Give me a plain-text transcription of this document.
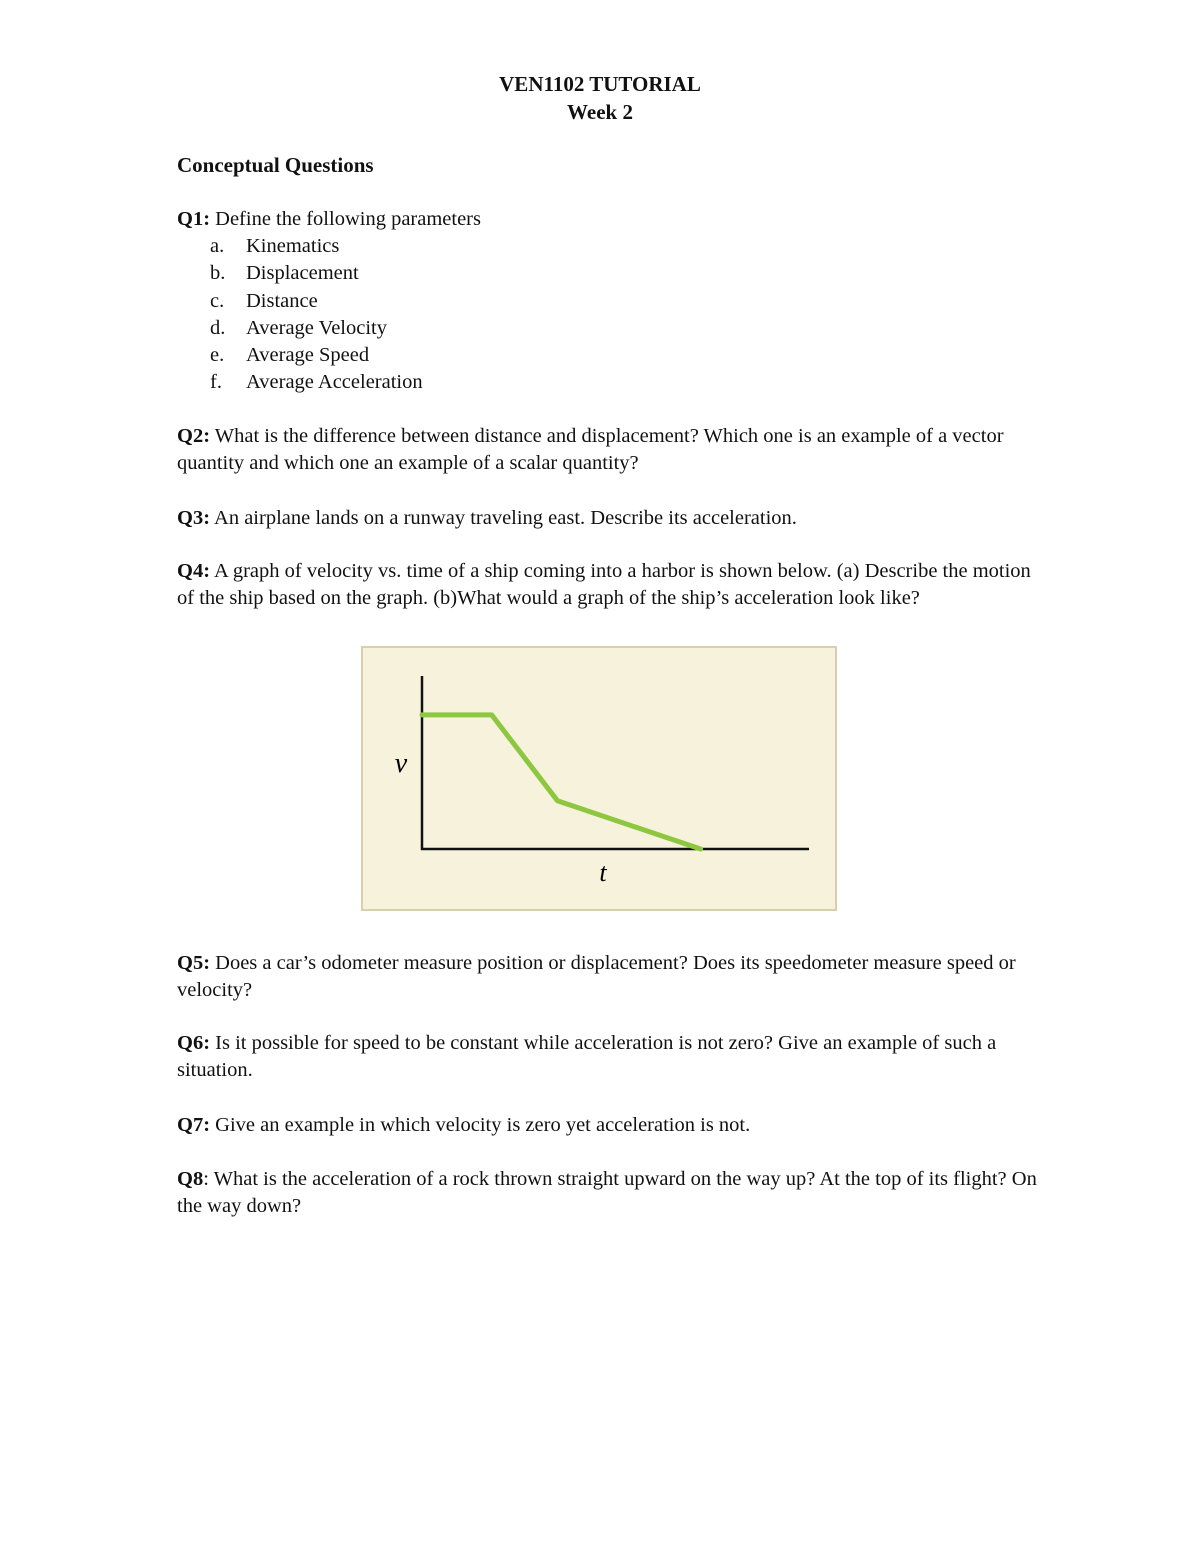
VEN1102 TUTORIAL
Week 2
Conceptual Questions
Q1: Define the following parameters
a. Kinematics
b. Displacement
c. Distance
d. Average Velocity
e. Average Speed
f. Average Acceleration
Q2: What is the difference between distance and displacement? Which one is an example of a vector quantity and which one an example of a scalar quantity?
Q3: An airplane lands on a runway traveling east. Describe its acceleration.
Q4: A graph of velocity vs. time of a ship coming into a harbor is shown below. (a) Describe the motion of the ship based on the graph. (b)What would a graph of the ship’s acceleration look like?
v
t
Q5: Does a car’s odometer measure position or displacement? Does its speedometer measure speed or velocity?
Q6: Is it possible for speed to be constant while acceleration is not zero? Give an example of such a situation.
Q7: Give an example in which velocity is zero yet acceleration is not.
Q8: What is the acceleration of a rock thrown straight upward on the way up? At the top of its flight? On the way down?
